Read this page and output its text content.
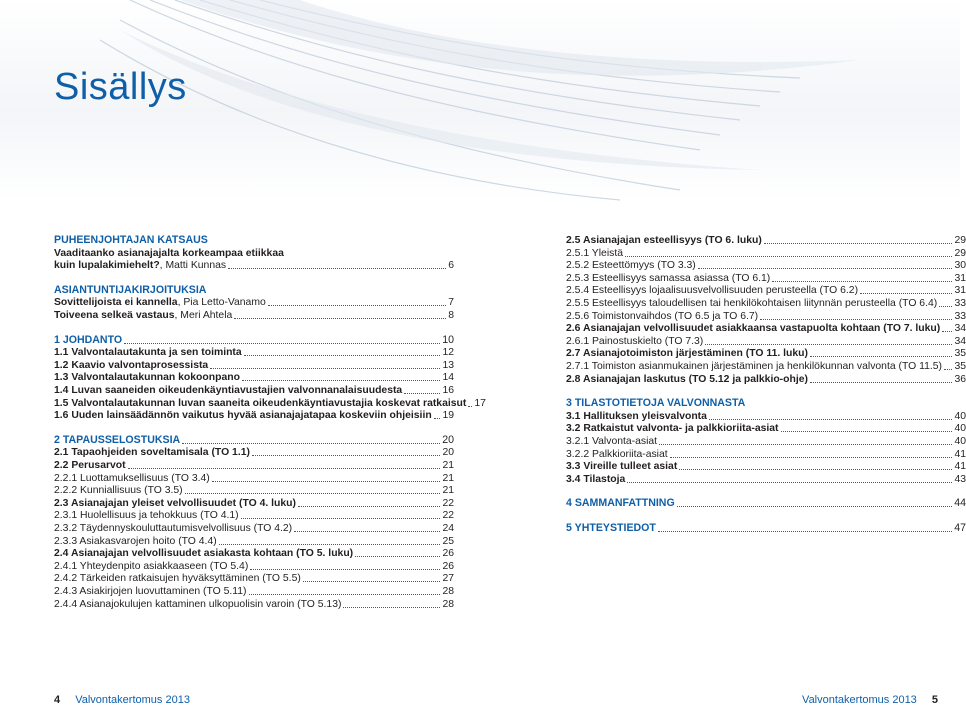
Sisällys
PUHEENJOHTAJAN KATSAUS
Vaaditaanko asianajajalta korkeampaa etiikkaa
kuin lupalakimiehelt? , Matti Kunnas	6
ASIANTUNTIJAKIRJOITUKSIA
Sovittelijoista ei kannella , Pia Letto-Vanamo	7
Toiveena selkeä vastaus , Meri Ahtela	8
1 JOHDANTO	10
1.1 Valvontalautakunta ja sen toiminta	12
1.2 Kaavio valvontaprosessista	13
1.3 Valvontalautakunnan kokoonpano	14
1.4 Luvan saaneiden oikeudenkäyntiavustajien valvonnanalaisuudesta	16
1.5 Valvontalautakunnan luvan saaneita oikeudenkäyntiavustajia koskevat ratkaisut 17
1.6 Uuden lainsäädännön vaikutus hyvää asianajajatapaa koskeviin ohjeisiin 19
2 TAPAUSSELOSTUKSIA	20
2.1 Tapaohjeiden soveltamisala (TO 1.1)	20
2.2 Perusarvot	21
2.2.1 Luottamuksellisuus (TO 3.4)	21
2.2.2 Kunniallisuus (TO 3.5)	21
2.3 Asianajajan yleiset velvollisuudet (TO 4. luku)	22
2.3.1 Huolellisuus ja tehokkuus (TO 4.1)	22
2.3.2 Täydennyskouluttautumisvelvollisuus (TO 4.2)	24
2.3.3 Asiakasvarojen hoito (TO 4.4)	25
2.4 Asianajajan velvollisuudet asiakasta kohtaan (TO 5. luku)	26
2.4.1 Yhteydenpito asiakkaaseen (TO 5.4)	26
2.4.2 Tärkeiden ratkaisujen hyväksyttäminen (TO 5.5)	27
2.4.3 Asiakirjojen luovuttaminen (TO 5.11)	28
2.4.4 Asianajokulujen kattaminen ulkopuolisin varoin (TO 5.13)	28
2.5 Asianajajan esteellisyys (TO 6. luku)	29
2.5.1 Yleistä	29
2.5.2 Esteettömyys (TO 3.3)	30
2.5.3 Esteellisyys samassa asiassa (TO 6.1)	31
2.5.4 Esteellisyys lojaalisuusvelvollisuuden perusteella (TO 6.2)	31
2.5.5 Esteellisyys taloudellisen tai henkilökohtaisen liitynnän perusteella (TO 6.4) 33
2.5.6 Toimistonvaihdos (TO 6.5 ja TO 6.7)	33
2.6 Asianajajan velvollisuudet asiakkaansa vastapuolta kohtaan (TO 7. luku) 34
2.6.1 Painostuskielto (TO 7.3)	34
2.7 Asianajotoimiston järjestäminen (TO 11. luku)	35
2.7.1 Toimiston asianmukainen järjestäminen ja henkilökunnan valvonta (TO 11.5) 35
2.8 Asianajajan laskutus (TO 5.12 ja palkkio-ohje)	36
3 TILASTOTIETOJA VALVONNASTA
3.1 Hallituksen yleisvalvonta	40
3.2 Ratkaistut valvonta- ja palkkioriita-asiat	40
3.2.1 Valvonta-asiat	40
3.2.2 Palkkioriita-asiat	41
3.3 Vireille tulleet asiat	41
3.4 Tilastoja	43
4 SAMMANFATTNING	44
5 YHTEYSTIEDOT	47
4 Valvontakertomus 2013	Valvontakertomus 2013 5
